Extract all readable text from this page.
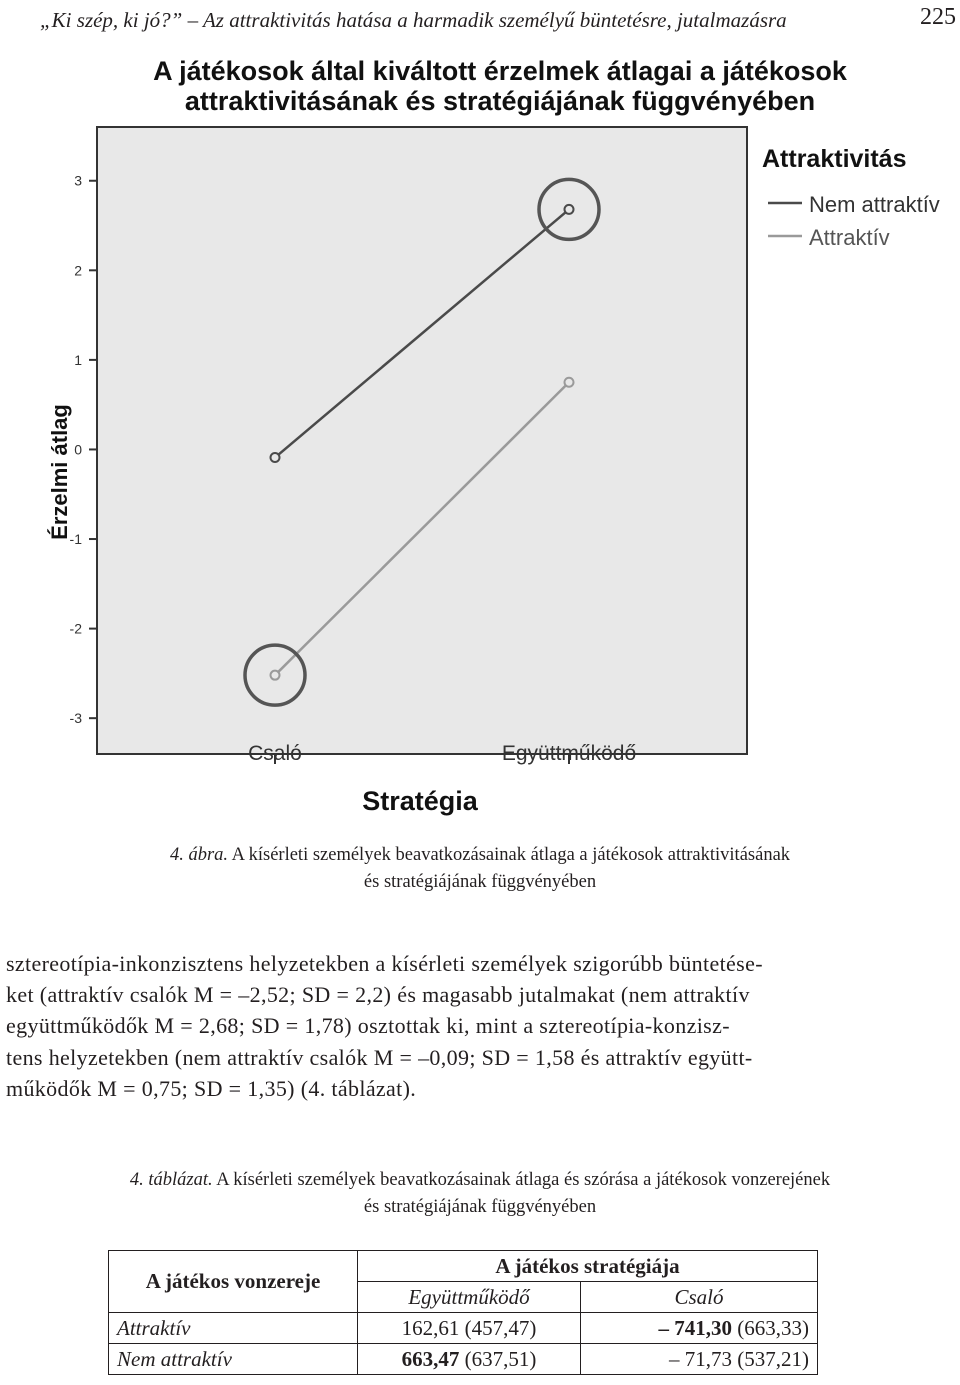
„Ki szép, ki jó?” – Az attraktivitás hatása a harmadik személyű büntetésre, jutalmazásra	225
A játékosok által kiváltott érzelmek átlagai a játékosok
attraktivitásának és stratégiájának függvényében
3
2
1
0
-1
-2
-3
Csaló	Együttműködő
Érzelmi átlag
Stratégia
Attraktivitás
Nem attraktív
Attraktív
4. ábra. A kísérleti személyek beavatkozásainak átlaga a játékosok attraktivitásának
és stratégiájának függvényében

sztereotípia-inkonzisztens helyzetekben a kísérleti személyek szigorúbb büntetése-

ket (attraktív csalók M = –2,52; SD = 2,2) és magasabb jutalmakat (nem attraktív

együttműködők M = 2,68; SD = 1,78) osztottak ki, mint a sztereotípia-konzisz-

tens helyzetekben (nem attraktív csalók M = –0,09; SD = 1,58 és attraktív együtt-

működők M = 0,75; SD = 1,35) (4. táblázat).

4. táblázat. A kísérleti személyek beavatkozásainak átlaga és szórása a játékosok vonzerejének
és stratégiájának függvényében
A játékos vonzereje	A játékos stratégiája	
	Együttműködő	Csaló
Attraktív	162,61 (457,47)	– 741,30 (663,33)
Nem attraktív	663,47 (637,51)	– 71,73 (537,21)
